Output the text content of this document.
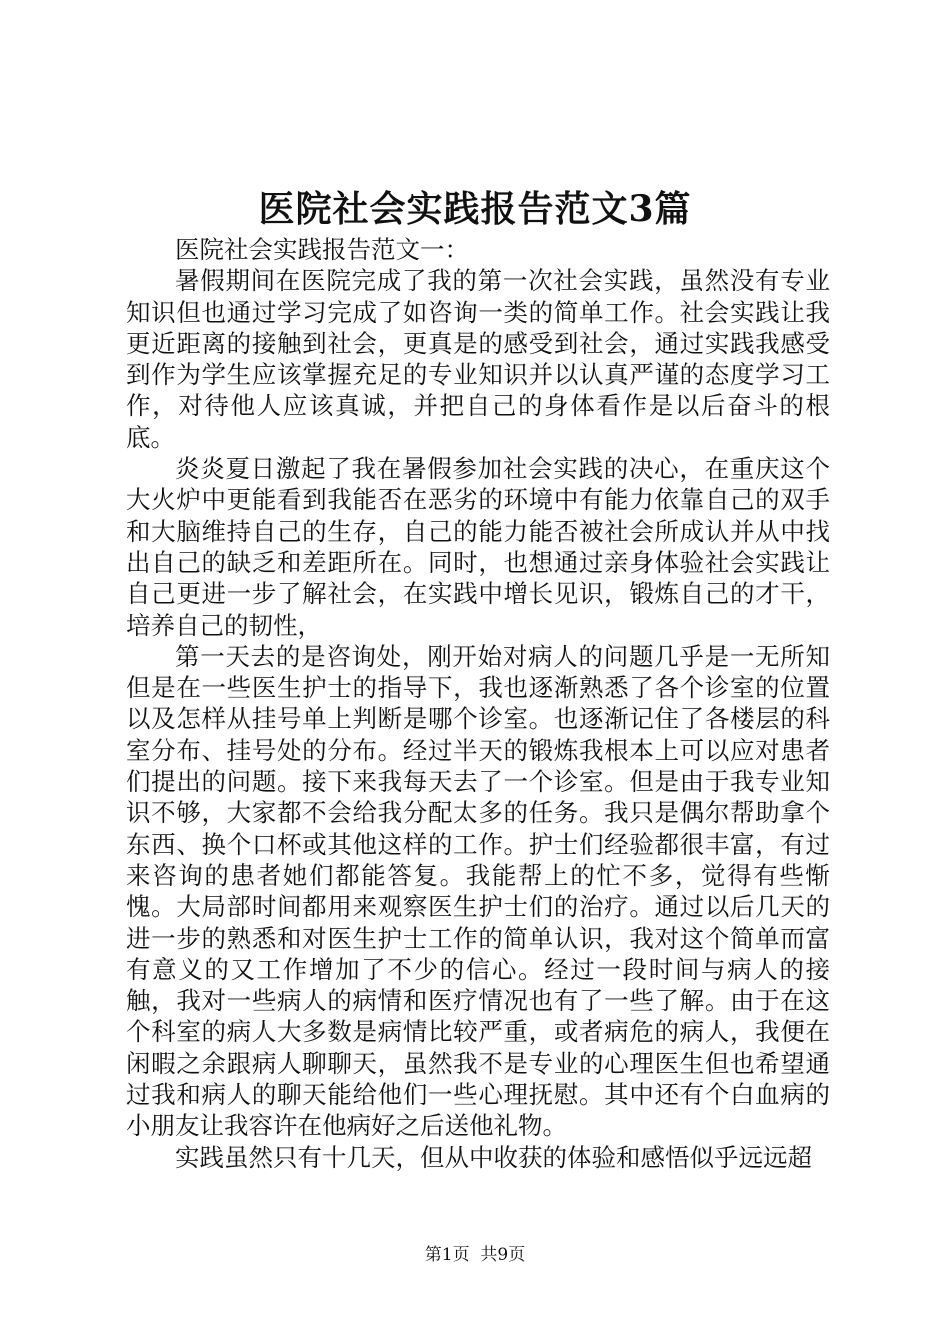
医院社会实践报告范文3篇

医院社会实践报告范文一：

暑假期间在医院完成了我的第一次社会实践，虽然没有专业知识但也通过学习完成了如咨询一类的简单工作。社会实践让我更近距离的接触到社会，更真是的感受到社会，通过实践我感受到作为学生应该掌握充足的专业知识并以认真严谨的态度学习工作，对待他人应该真诚，并把自己的身体看作是以后奋斗的根底。

炎炎夏日激起了我在暑假参加社会实践的决心，在重庆这个大火炉中更能看到我能否在恶劣的环境中有能力依靠自己的双手和大脑维持自己的生存，自己的能力能否被社会所成认并从中找出自己的缺乏和差距所在。同时，也想通过亲身体验社会实践让自己更进一步了解社会，在实践中增长见识，锻炼自己的才干，培养自己的韧性，

第一天去的是咨询处，刚开始对病人的问题几乎是一无所知但是在一些医生护士的指导下，我也逐渐熟悉了各个诊室的位置以及怎样从挂号单上判断是哪个诊室。也逐渐记住了各楼层的科室分布、挂号处的分布。经过半天的锻炼我根本上可以应对患者们提出的问题。接下来我每天去了一个诊室。但是由于我专业知识不够，大家都不会给我分配太多的任务。我只是偶尔帮助拿个东西、换个口杯或其他这样的工作。护士们经验都很丰富，有过来咨询的患者她们都能答复。我能帮上的忙不多，觉得有些惭愧。大局部时间都用来观察医生护士们的治疗。通过以后几天的进一步的熟悉和对医生护士工作的简单认识，我对这个简单而富有意义的又工作增加了不少的信心。经过一段时间与病人的接触，我对一些病人的病情和医疗情况也有了一些了解。由于在这个科室的病人大多数是病情比较严重，或者病危的病人，我便在闲暇之余跟病人聊聊天，虽然我不是专业的心理医生但也希望通过我和病人的聊天能给他们一些心理抚慰。其中还有个白血病的小朋友让我容许在他病好之后送他礼物。

实践虽然只有十几天，但从中收获的体验和感悟似乎远远超

第1页 共9页
